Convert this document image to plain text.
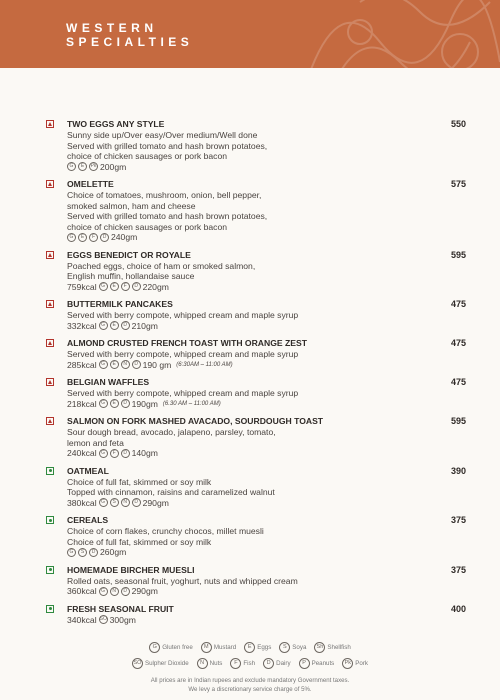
WESTERN
SPECIALTIES
TWO EGGS ANY STYLE	550
Sunny side up/Over easy/Over medium/Well done
Served with grilled tomato and hash brown potatoes,
choice of chicken sausages or pork bacon
G	E	Pk 200gm
OMELETTE	575
Choice of tomatoes, mushroom, onion, bell pepper,
smoked salmon, ham and cheese
Served with grilled tomato and hash brown potatoes,
choice of chicken sausages or pork bacon
G	E	F	D 240gm
EGGS BENEDICT OR ROYALE	595
Poached eggs, choice of ham or smoked salmon,
English muffin, hollandaise sauce
759kcal G	E	F	D 220gm
BUTTERMILK PANCAKES	475
Served with berry compote, whipped cream and maple syrup
332kcal G	E	D 210gm
ALMOND CRUSTED FRENCH TOAST WITH ORANGE ZEST	475
Served with berry compote, whipped cream and maple syrup
285kcal G	E	N	D 190 gm (6:30AM – 11:00 AM)
BELGIAN WAFFLES	475
Served with berry compote, whipped cream and maple syrup
218kcal G	E	D 190gm (6.30 AM – 11:00 AM)
SALMON ON FORK MASHED AVACADO, SOURDOUGH TOAST	595
Sour dough bread, avocado, jalapeno, parsley, tomato,
lemon and feta
240kcal G	F	D 140gm
OATMEAL	390
Choice of full fat, skimmed or soy milk
Topped with cinnamon, raisins and caramelized walnut
380kcal G	S	N	D 290gm
CEREALS	375
Choice of corn flakes, crunchy chocos, millet muesli
Choice of full fat, skimmed or soy milk
G	S	D 260gm
HOMEMADE BIRCHER MUESLI	375
Rolled oats, seasonal fruit, yoghurt, nuts and whipped cream
360kcal G	N	D 290gm
FRESH SEASONAL FRUIT	400
340kcal SO 300gm
G Gluten free	M Mustard	E Eggs	S Soya	Sh Shellfish
SO Sulpher Dioxide	N Nuts	F Fish	D Dairy	P Peanuts	Pk Pork
All prices are in Indian rupees and exclude mandatory Government taxes.
We levy a discretionary service charge of 5%.
